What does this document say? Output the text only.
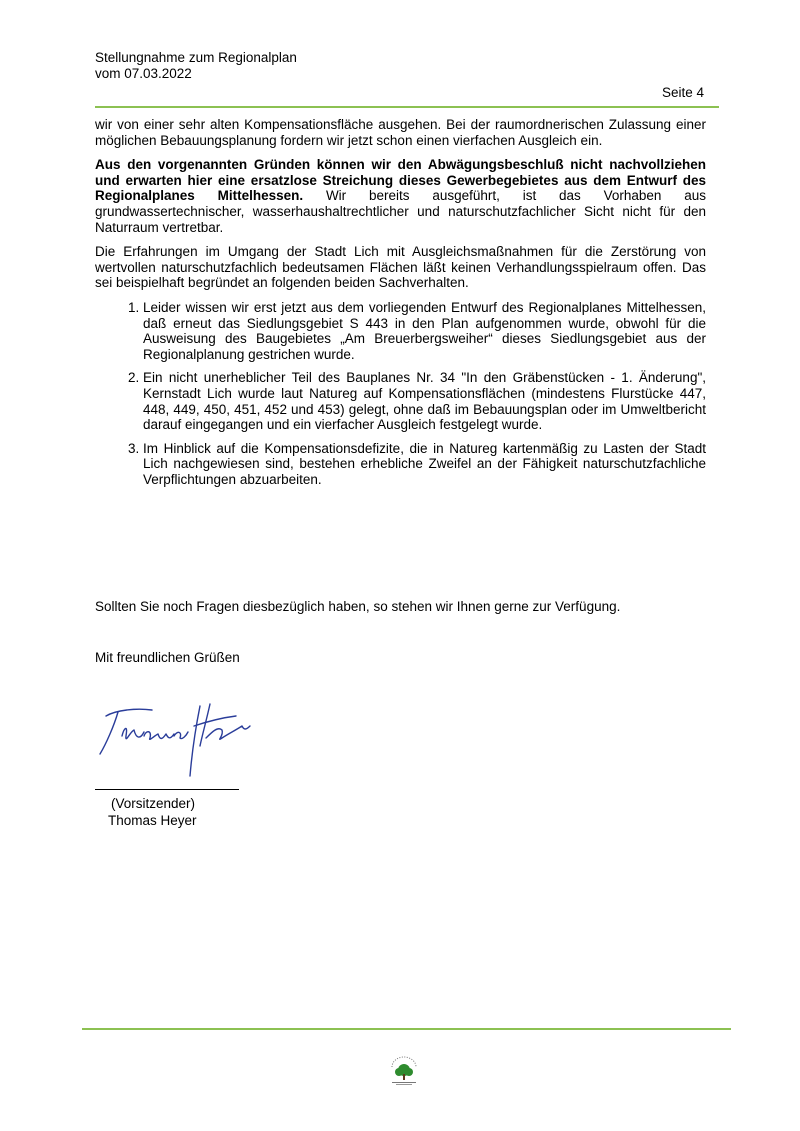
Stellungnahme zum Regionalplan
vom 07.03.2022
Seite 4

wir von einer sehr alten Kompensationsfläche ausgehen. Bei der raumordnerischen Zulassung einer möglichen Bebauungsplanung fordern wir jetzt schon einen vierfachen Ausgleich ein.

Aus den vorgenannten Gründen können wir den Abwägungsbeschluß nicht nachvollziehen und erwarten hier eine ersatzlose Streichung dieses Gewerbegebietes aus dem Entwurf des Regionalplanes Mittelhessen. Wir bereits ausgeführt, ist das Vorhaben aus grundwassertechnischer, wasserhaushaltrechtlicher und naturschutzfachlicher Sicht nicht für den Naturraum vertretbar.

Die Erfahrungen im Umgang der Stadt Lich mit Ausgleichsmaßnahmen für die Zerstörung von wertvollen naturschutzfachlich bedeutsamen Flächen läßt keinen Verhandlungsspielraum offen. Das sei beispielhaft begründet an folgenden beiden Sachverhalten.

1. Leider wissen wir erst jetzt aus dem vorliegenden Entwurf des Regionalplanes Mittelhessen, daß erneut das Siedlungsgebiet S 443 in den Plan aufgenommen wurde, obwohl für die Ausweisung des Baugebietes „Am Breuerbergsweiher“ dieses Siedlungsgebiet aus der Regionalplanung gestrichen wurde.
2. Ein nicht unerheblicher Teil des Bauplanes Nr. 34 "In den Gräbenstücken - 1. Änderung", Kernstadt Lich wurde laut Natureg auf Kompensationsflächen (mindestens Flurstücke 447, 448, 449, 450, 451, 452 und 453) gelegt, ohne daß im Bebauungsplan oder im Umweltbericht darauf eingegangen und ein vierfacher Ausgleich festgelegt wurde.
3. Im Hinblick auf die Kompensationsdefizite, die in Natureg kartenmäßig zu Lasten der Stadt Lich nachgewiesen sind, bestehen erhebliche Zweifel an der Fähigkeit naturschutzfachliche Verpflichtungen abzuarbeiten.
Sollten Sie noch Fragen diesbezüglich haben, so stehen wir Ihnen gerne zur Verfügung.
Mit freundlichen Grüßen
(Vorsitzender)
Thomas Heyer
